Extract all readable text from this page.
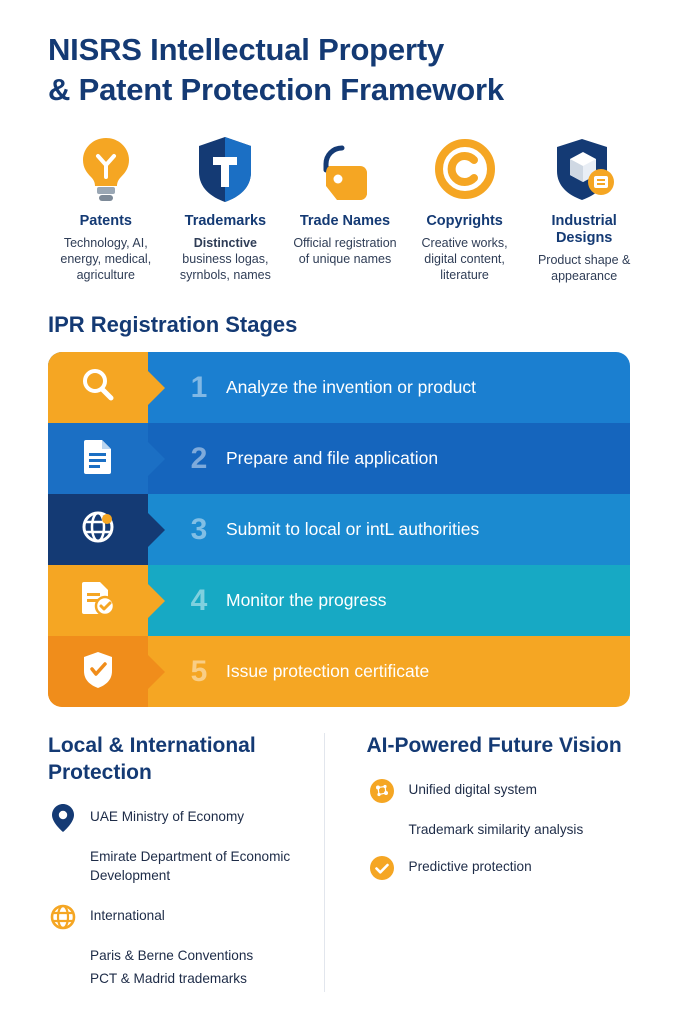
NISRS Intellectual Property
& Patent Protection Framework
Patents
Technology, AI, energy, medical, agriculture
Trademarks
Distinctive business logas, syrnbols, names
Trade Names
Official registration of unique names
Copyrights
Creative works, digital content, literature
Industrial Designs
Product shape & appearance
IPR Registration Stages
1	Analyze the invention or product
2	Prepare and file application
3	Submit to local or intL authorities
4	Monitor the progress
5	Issue protection certificate
Local & International Protection
UAE Ministry of Economy
Emirate Department of Economic Development
International
Paris & Berne Conventions
PCT & Madrid trademarks
AI-Powered Future Vision
Unified digital system
Trademark similarity analysis
Predictive protection
